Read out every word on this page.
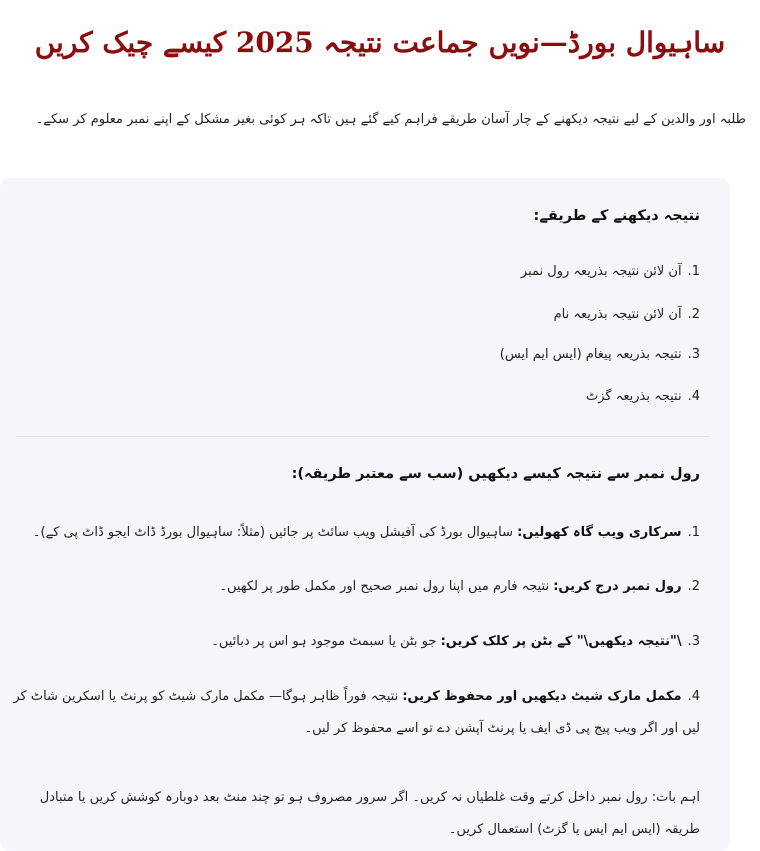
ساہیوال بورڈ—نویں جماعت نتیجہ 2025 کیسے چیک کریں

طلبہ اور والدین کے لیے نتیجہ دیکھنے کے چار آسان طریقے فراہم کیے گئے ہیں تاکہ ہر کوئی بغیر مشکل کے اپنے نمبر معلوم کر سکے۔

نتیجہ دیکھنے کے طریقے:
1.آن لائن نتیجہ بذریعہ رول نمبر
2.آن لائن نتیجہ بذریعہ نام
3.نتیجہ بذریعہ پیغام (ایس ایم ایس)
4.نتیجہ بذریعہ گزٹ
رول نمبر سے نتیجہ کیسے دیکھیں (سب سے معتبر طریقہ):

1.سرکاری ویب گاہ کھولیں: ساہیوال بورڈ کی آفیشل ویب سائٹ پر جائیں (مثلاً: ساہیوال بورڈ ڈاٹ ایجو ڈاٹ پی کے)۔

2.رول نمبر درج کریں: نتیجہ فارم میں اپنا رول نمبر صحیح اور مکمل طور پر لکھیں۔

3.\"نتیجہ دیکھیں\" کے بٹن پر کلک کریں: جو بٹن یا سبمٹ موجود ہو اس پر دبائیں۔

4.مکمل مارک شیٹ دیکھیں اور محفوظ کریں: نتیجہ فوراً ظاہر ہوگا— مکمل مارک شیٹ کو پرنٹ یا اسکرین شاٹ کر لیں اور اگر ویب پیج پی ڈی ایف یا پرنٹ آپشن دے تو اسے محفوظ کر لیں۔

اہم بات: رول نمبر داخل کرتے وقت غلطیاں نہ کریں۔ اگر سرور مصروف ہو تو چند منٹ بعد دوبارہ کوشش کریں یا متبادل طریقہ (ایس ایم ایس یا گزٹ) استعمال کریں۔
